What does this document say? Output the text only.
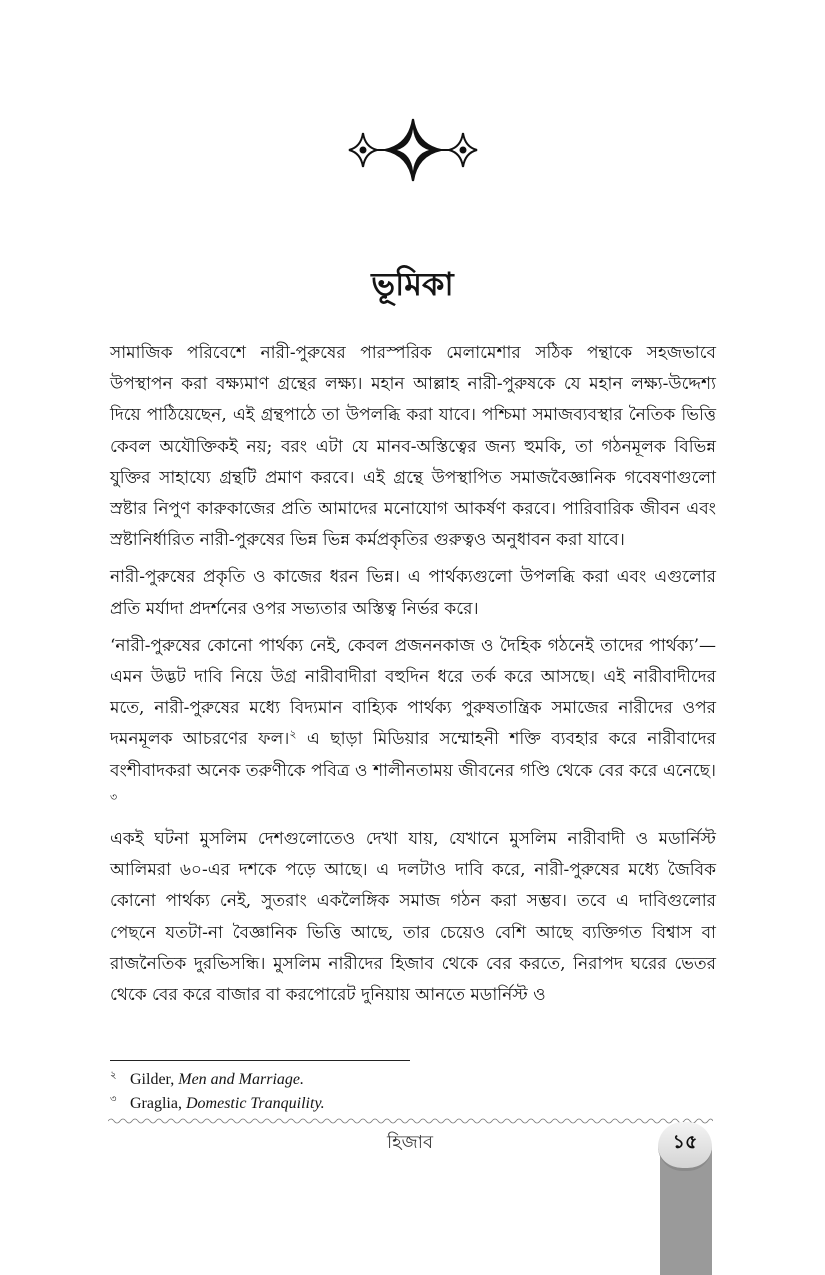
ভূমিকা

সামাজিক পরিবেশে নারী-পুরুষের পারস্পরিক মেলামেশার সঠিক পন্থাকে সহজভাবে উপস্থাপন করা বক্ষ্যমাণ গ্রন্থের লক্ষ্য। মহান আল্লাহ নারী-পুরুষকে যে মহান লক্ষ্য-উদ্দেশ্য দিয়ে পাঠিয়েছেন, এই গ্রন্থপাঠে তা উপলব্ধি করা যাবে। পশ্চিমা সমাজব্যবস্থার নৈতিক ভিত্তি কেবল অযৌক্তিকই নয়; বরং এটা যে মানব-অস্তিত্বের জন্য হুমকি, তা গঠনমূলক বিভিন্ন যুক্তির সাহায্যে গ্রন্থটি প্রমাণ করবে। এই গ্রন্থে উপস্থাপিত সমাজবৈজ্ঞানিক গবেষণাগুলো স্রষ্টার নিপুণ কারুকাজের প্রতি আমাদের মনোযোগ আকর্ষণ করবে। পারিবারিক জীবন এবং স্রষ্টানির্ধারিত নারী-পুরুষের ভিন্ন ভিন্ন কর্মপ্রকৃতির গুরুত্বও অনুধাবন করা যাবে।

নারী-পুরুষের প্রকৃতি ও কাজের ধরন ভিন্ন। এ পার্থক্যগুলো উপলব্ধি করা এবং এগুলোর প্রতি মর্যাদা প্রদর্শনের ওপর সভ্যতার অস্তিত্ব নির্ভর করে।

‘নারী-পুরুষের কোনো পার্থক্য নেই, কেবল প্রজননকাজ ও দৈহিক গঠনেই তাদের পার্থক্য’—এমন উদ্ভট দাবি নিয়ে উগ্র নারীবাদীরা বহুদিন ধরে তর্ক করে আসছে। এই নারীবাদীদের মতে, নারী-পুরুষের মধ্যে বিদ্যমান বাহ্যিক পার্থক্য পুরুষতান্ত্রিক সমাজের নারীদের ওপর দমনমূলক আচরণের ফল।$^২$ এ ছাড়া মিডিয়ার সম্মোহনী শক্তি ব্যবহার করে নারীবাদের বংশীবাদকরা অনেক তরুণীকে পবিত্র ও শালীনতাময় জীবনের গণ্ডি থেকে বের করে এনেছে।$^৩$

একই ঘটনা মুসলিম দেশগুলোতেও দেখা যায়, যেখানে মুসলিম নারীবাদী ও মডার্নিস্ট আলিমরা ৬০-এর দশকে পড়ে আছে। এ দলটাও দাবি করে, নারী-পুরুষের মধ্যে জৈবিক কোনো পার্থক্য নেই, সুতরাং একলৈঙ্গিক সমাজ গঠন করা সম্ভব। তবে এ দাবিগুলোর পেছনে যতটা-না বৈজ্ঞানিক ভিত্তি আছে, তার চেয়েও বেশি আছে ব্যক্তিগত বিশ্বাস বা রাজনৈতিক দুরভিসন্ধি। মুসলিম নারীদের হিজাব থেকে বের করতে, নিরাপদ ঘরের ভেতর থেকে বের করে বাজার বা করপোরেট দুনিয়ায় আনতে মডার্নিস্ট ও

২ Gilder, Men and Marriage.
৩ Graglia, Domestic Tranquility.
হিজাব	১৫
